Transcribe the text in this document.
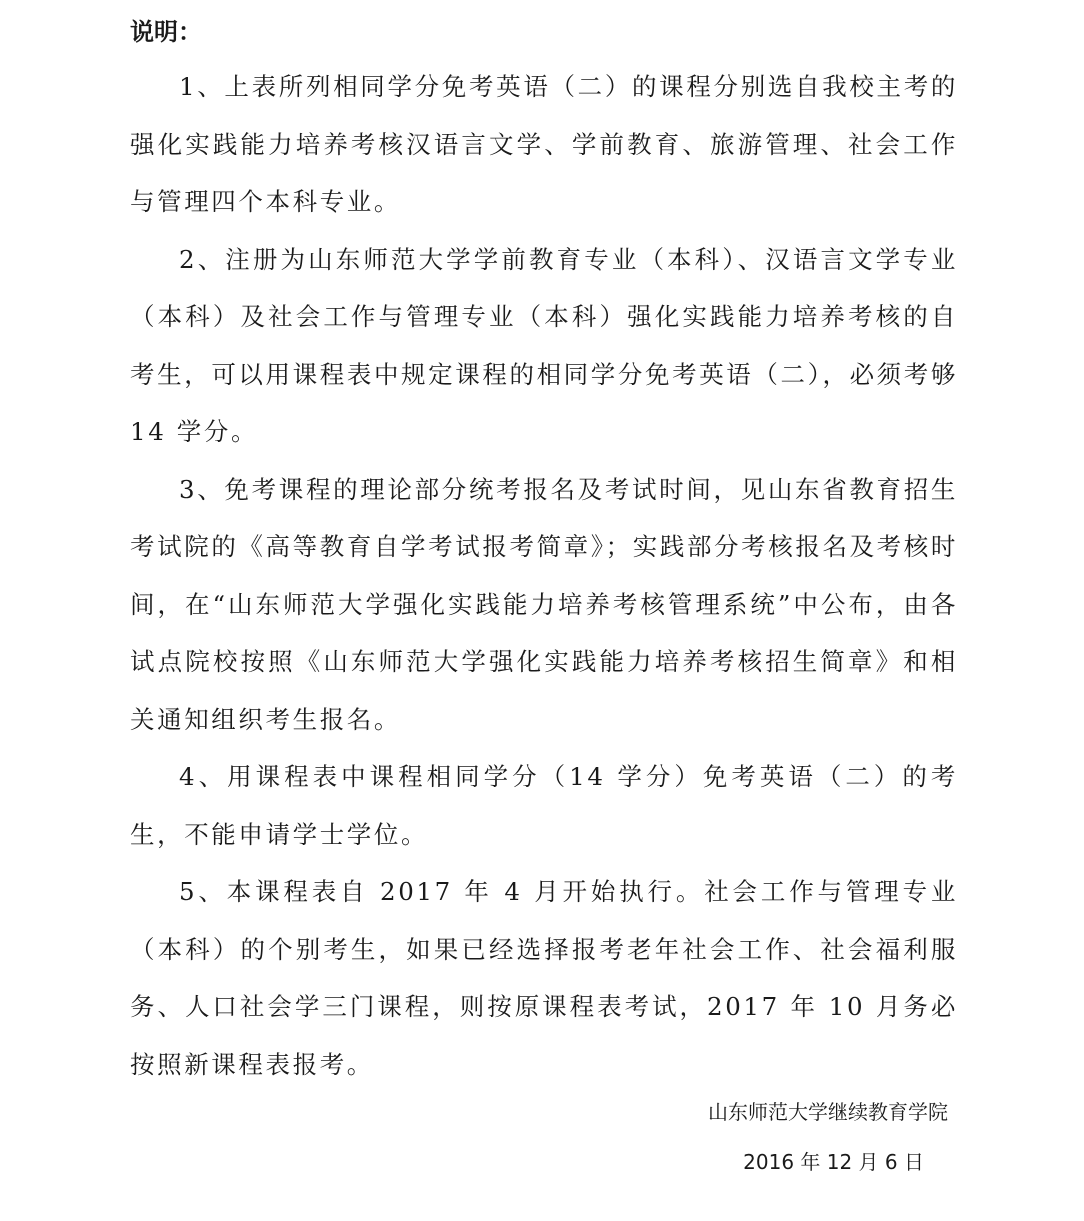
说明：

1、上表所列相同学分免考英语（二）的课程分别选自我校主考的强化实践能力培养考核汉语言文学、学前教育、旅游管理、社会工作与管理四个本科专业。

2、注册为山东师范大学学前教育专业（本科）、汉语言文学专业（本科）及社会工作与管理专业（本科）强化实践能力培养考核的自考生，可以用课程表中规定课程的相同学分免考英语（二），必须考够 14 学分。

3、免考课程的理论部分统考报名及考试时间，见山东省教育招生考试院的《高等教育自学考试报考简章》；实践部分考核报名及考核时间，在“山东师范大学强化实践能力培养考核管理系统”中公布，由各试点院校按照《山东师范大学强化实践能力培养考核招生简章》和相关通知组织考生报名。

4、用课程表中课程相同学分（14 学分）免考英语（二）的考生，不能申请学士学位。

5、本课程表自 2017 年 4 月开始执行。社会工作与管理专业（本科）的个别考生，如果已经选择报考老年社会工作、社会福利服务、人口社会学三门课程，则按原课程表考试，2017 年 10 月务必按照新课程表报考。

山东师范大学继续教育学院
2016 年 12 月 6 日
